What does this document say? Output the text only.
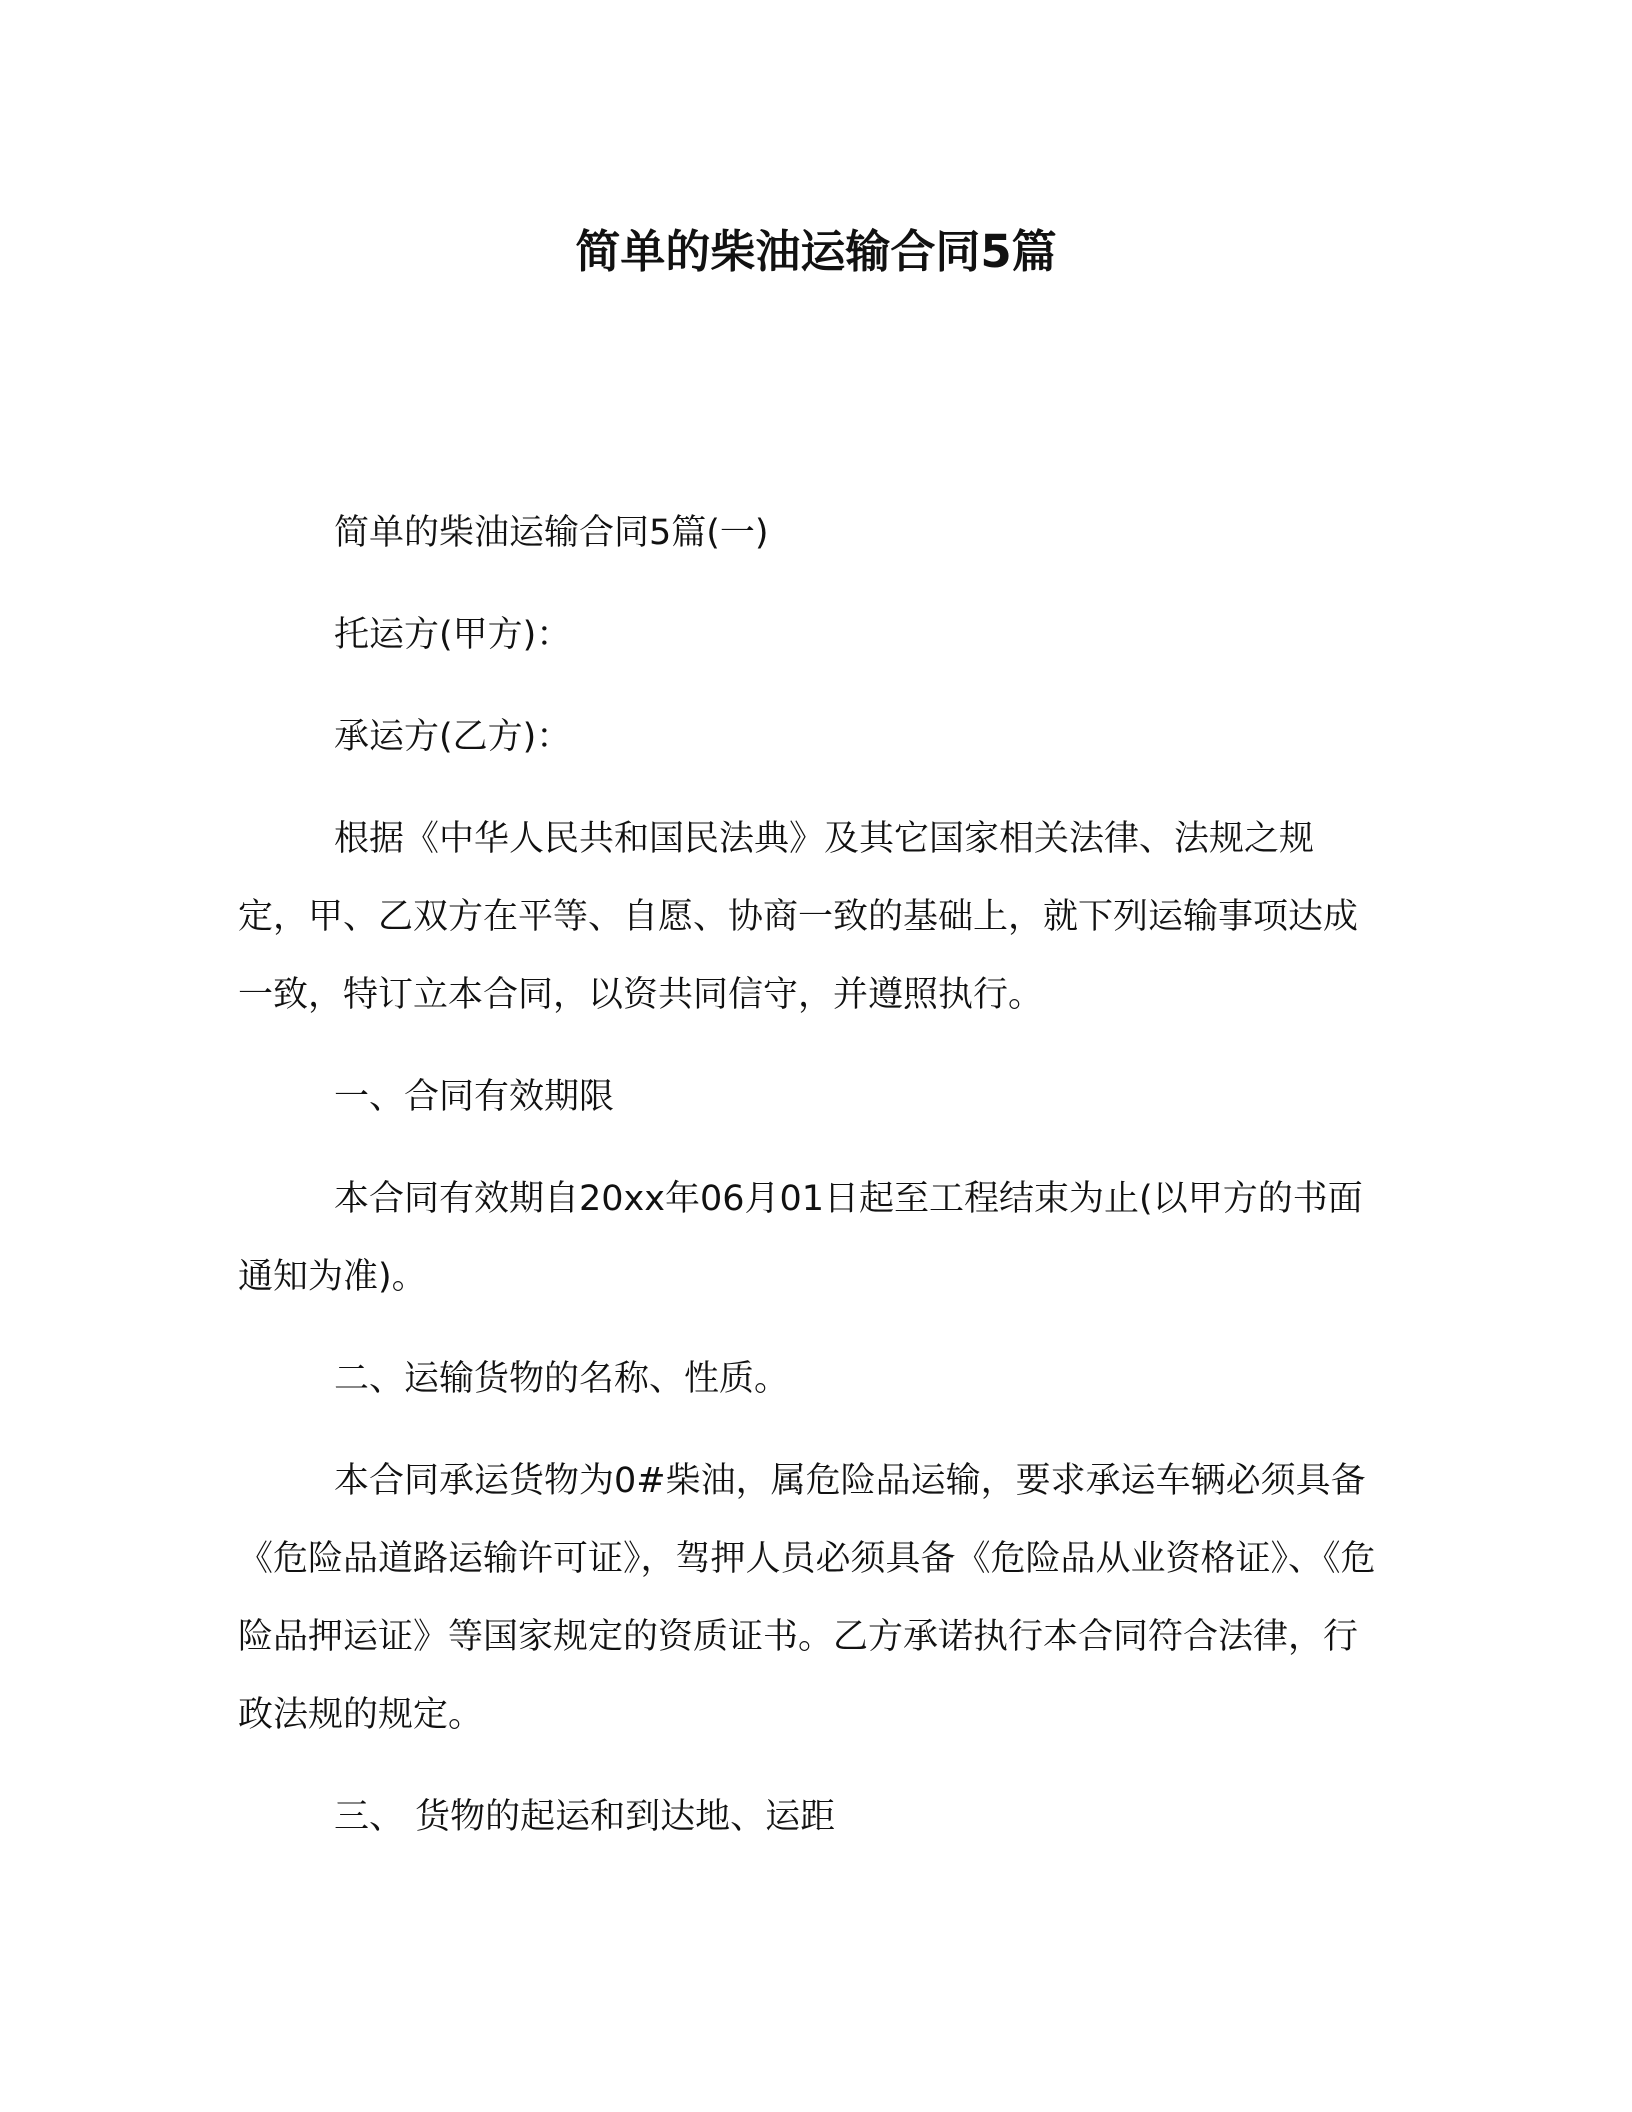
简单的柴油运输合同5篇

简单的柴油运输合同5篇(一)

托运方(甲方)：

承运方(乙方)：

根据《中华人民共和国民法典》及其它国家相关法律、法规之规定，甲、乙双方在平等、自愿、协商一致的基础上，就下列运输事项达成一致，特订立本合同，以资共同信守，并遵照执行。

一、合同有效期限

本合同有效期自20xx年06月01日起至工程结束为止(以甲方的书面通知为准)。

二、运输货物的名称、性质。

本合同承运货物为0#柴油，属危险品运输，要求承运车辆必须具备《危险品道路运输许可证》，驾押人员必须具备《危险品从业资格证》、《危险品押运证》等国家规定的资质证书。乙方承诺执行本合同符合法律，行政法规的规定。

三、 货物的起运和到达地、运距
